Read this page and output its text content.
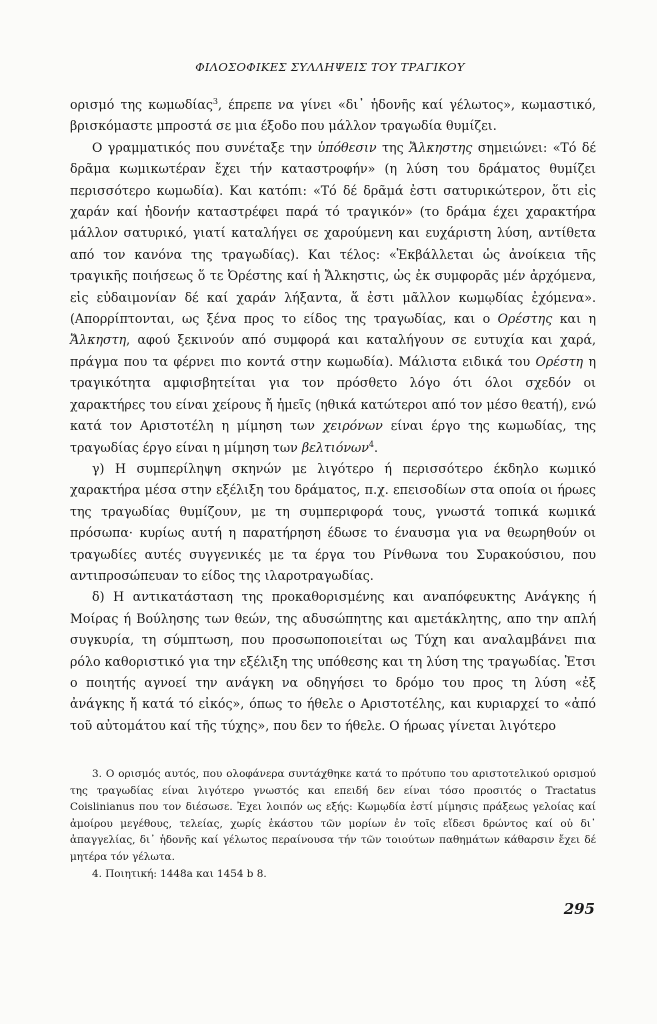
ΦΙΛΟΣΟΦΙΚΕΣ ΣΥΛΛΗΨΕΙΣ ΤΟΥ ΤΡΑΓΙΚΟΥ

ορισμό της κωμωδίας$^3$, έπρεπε να γίνει «δι᾽ ἡδονῆς καί γέλωτος», κωμαστικό, βρισκόμαστε μπροστά σε μια έξοδο που μάλλον τραγωδία θυμίζει.

Ο γραμματικός που συνέταξε την ὑπόθεσιν της Ἄλκηστης σημειώνει: «Τό δέ δρᾶμα κωμικωτέραν ἔχει τήν καταστροφήν» (η λύση του δράματος θυμίζει περισσότερο κωμωδία). Και κατόπι: «Τό δέ δρᾶμά ἐστι σατυρικώτερον, ὅτι εἰς χαράν καί ἡδονήν καταστρέφει παρά τό τραγικόν» (το δράμα έχει χαρακτήρα μάλλον σατυρικό, γιατί καταλήγει σε χαρούμενη και ευχάριστη λύση, αντίθετα από τον κανόνα της τραγωδίας). Και τέλος: «Ἐκβάλλεται ὡς ἀνοίκεια τῆς τραγικῆς ποιήσεως ὅ τε Ὀρέστης καί ἡ Ἄλκηστις, ὡς ἐκ συμφορᾶς μέν ἀρχόμενα, εἰς εὐδαιμονίαν δέ καί χαράν λήξαντα, ἅ ἐστι μᾶλλον κωμῳδίας ἐχόμενα». (Απορρίπτονται, ως ξένα προς το είδος της τραγωδίας, και ο Ορέστης και η Ἄλκηστη, αφού ξεκινούν από συμφορά και καταλήγουν σε ευτυχία και χαρά, πράγμα που τα φέρνει πιο κοντά στην κωμωδία). Μάλιστα ειδικά του Ορέστη η τραγικότητα αμφισβητείται για τον πρόσθετο λόγο ότι όλοι σχεδόν οι χαρακτήρες του είναι χείρους ἤ ἡμεῖς (ηθικά κατώτεροι από τον μέσο θεατή), ενώ κατά τον Αριστοτέλη η μίμηση των χειρόνων είναι έργο της κωμωδίας, της τραγωδίας έργο είναι η μίμηση των βελτιόνων$^4$.

γ) Η συμπερίληψη σκηνών με λιγότερο ή περισσότερο έκδηλο κωμικό χαρακτήρα μέσα στην εξέλιξη του δράματος, π.χ. επεισοδίων στα οποία οι ήρωες της τραγωδίας θυμίζουν, με τη συμπεριφορά τους, γνωστά τοπικά κωμικά πρόσωπα· κυρίως αυτή η παρατήρηση έδωσε το έναυσμα για να θεωρηθούν οι τραγωδίες αυτές συγγενικές με τα έργα του Ρίνθωνα του Συρακούσιου, που αντιπροσώπευαν το είδος της ιλαροτραγωδίας.

δ) Η αντικατάσταση της προκαθορισμένης και αναπόφευκτης Ανάγκης ή Μοίρας ή Βούλησης των θεών, της αδυσώπητης και αμετάκλητης, απο την απλή συγκυρία, τη σύμπτωση, που προσωποποιείται ως Τύχη και αναλαμβάνει πια ρόλο καθοριστικό για την εξέλιξη της υπόθεσης και τη λύση της τραγωδίας. Ἐτσι ο ποιητής αγνοεί την ανάγκη να οδηγήσει το δρόμο του προς τη λύση «ἐξ ἀνάγκης ἤ κατά τό εἰκός», όπως το ήθελε ο Αριστοτέλης, και κυριαρχεί το «ἀπό τοῦ αὐτομάτου καί τῆς τύχης», που δεν το ήθελε. Ο ήρωας γίνεται λιγότερο

3. Ο ορισμός αυτός, που ολοφάνερα συντάχθηκε κατά το πρότυπο του αριστοτελικού ορισμού της τραγωδίας είναι λιγότερο γνωστός και επειδή δεν είναι τόσο προσιτός ο Tractatus Coislinianus που τον διέσωσε. Ἐχει λοιπόν ως εξής: Κωμῳδία ἐστί μίμησις πράξεως γελοίας καί ἀμοίρου μεγέθους, τελείας, χωρίς ἑκάστου τῶν μορίων ἐν τοῖς εἴδεσι δρώντος καί οὐ δι᾽ ἀπαγγελίας, δι᾽ ἡδονῆς καί γέλωτος περαίνουσα τήν τῶν τοιούτων παθημάτων κάθαρσιν ἔχει δέ μητέρα τόν γέλωτα.

4. Ποιητική: 1448a και 1454 b 8.

295
